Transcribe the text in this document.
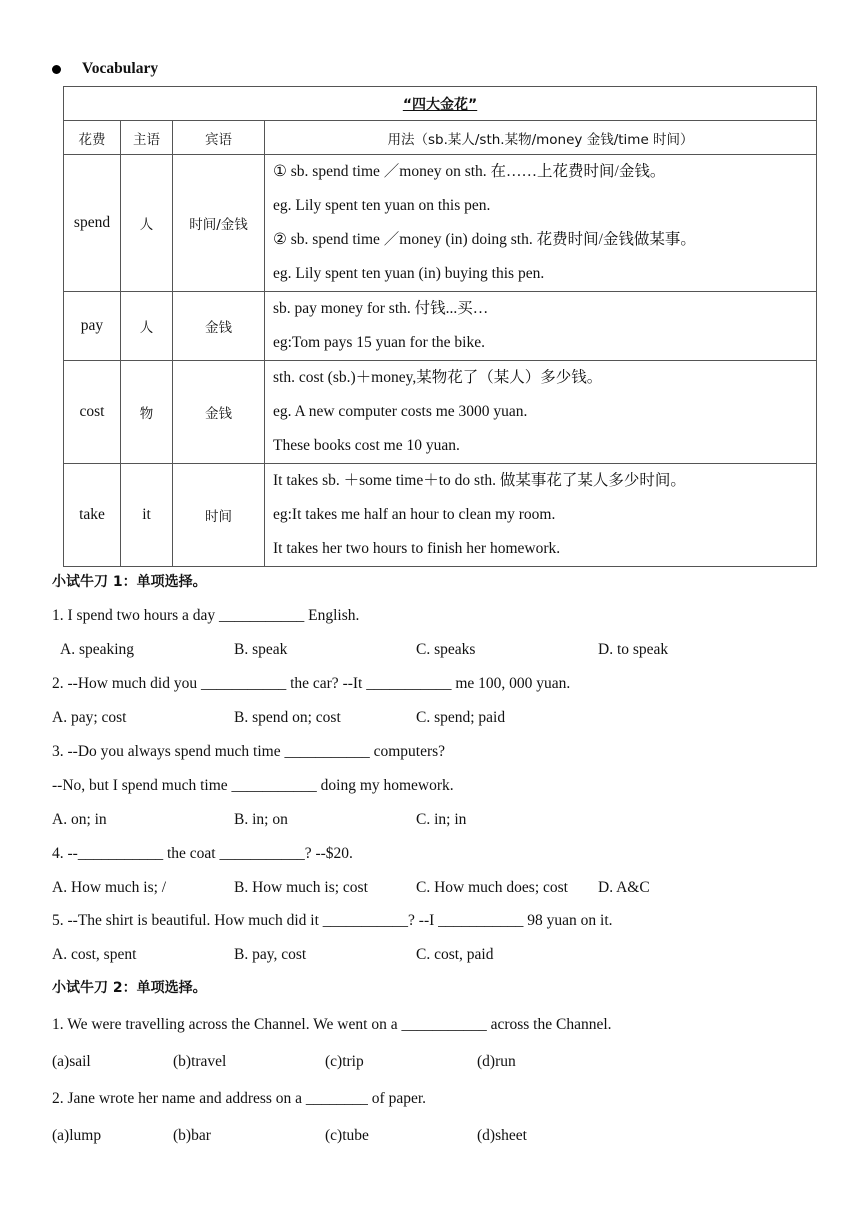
Vocabulary
“四大金花”			
花费	主语	宾语	用法（sb.某人/sth.某物/money 金钱/time 时间）
spend	人	时间/金钱	① sb. spend time ／money on sth. 在……上花费时间/金钱。
eg. Lily spent ten yuan on this pen.
② sb. spend time ／money (in) doing sth. 花费时间/金钱做某事。
eg. Lily spent ten yuan (in) buying this pen.

pay	人	金钱	sb. pay money for sth. 付钱...买…
eg:Tom pays 15 yuan for the bike.

cost	物	金钱	sth. cost (sb.)＋money,某物花了（某人）多少钱。
eg. A new computer costs me 3000 yuan.
These books cost me 10 yuan.

take	it	时间	It takes sb. ＋some time＋to do sth. 做某事花了某人多少时间。
eg:It takes me half an hour to clean my room.
It takes her two hours to finish her homework.
小试牛刀 1：单项选择。
1. I spend two hours a day ___________ English.
A. speaking	B. speak	C. speaks	D. to speak
2. --How much did you ___________ the car? --It ___________ me 100, 000 yuan.
A. pay; cost	B. spend on; cost	C. spend; paid
3. --Do you always spend much time ___________ computers?
--No, but I spend much time ___________ doing my homework.
A. on; in	B. in; on	C. in; in
4. --___________ the coat ___________? --$20.
A. How much is; /	B. How much is; cost	C. How much does; cost D. A&C
5. --The shirt is beautiful. How much did it ___________? --I ___________ 98 yuan on it.
A. cost, spent	B. pay, cost	C. cost, paid
小试牛刀 2：单项选择。
1. We were travelling across the Channel. We went on a ___________ across the Channel.
(a)sail	(b)travel	(c)trip	(d)run
2. Jane wrote her name and address on a ________ of paper.
(a)lump	(b)bar	(c)tube	(d)sheet
